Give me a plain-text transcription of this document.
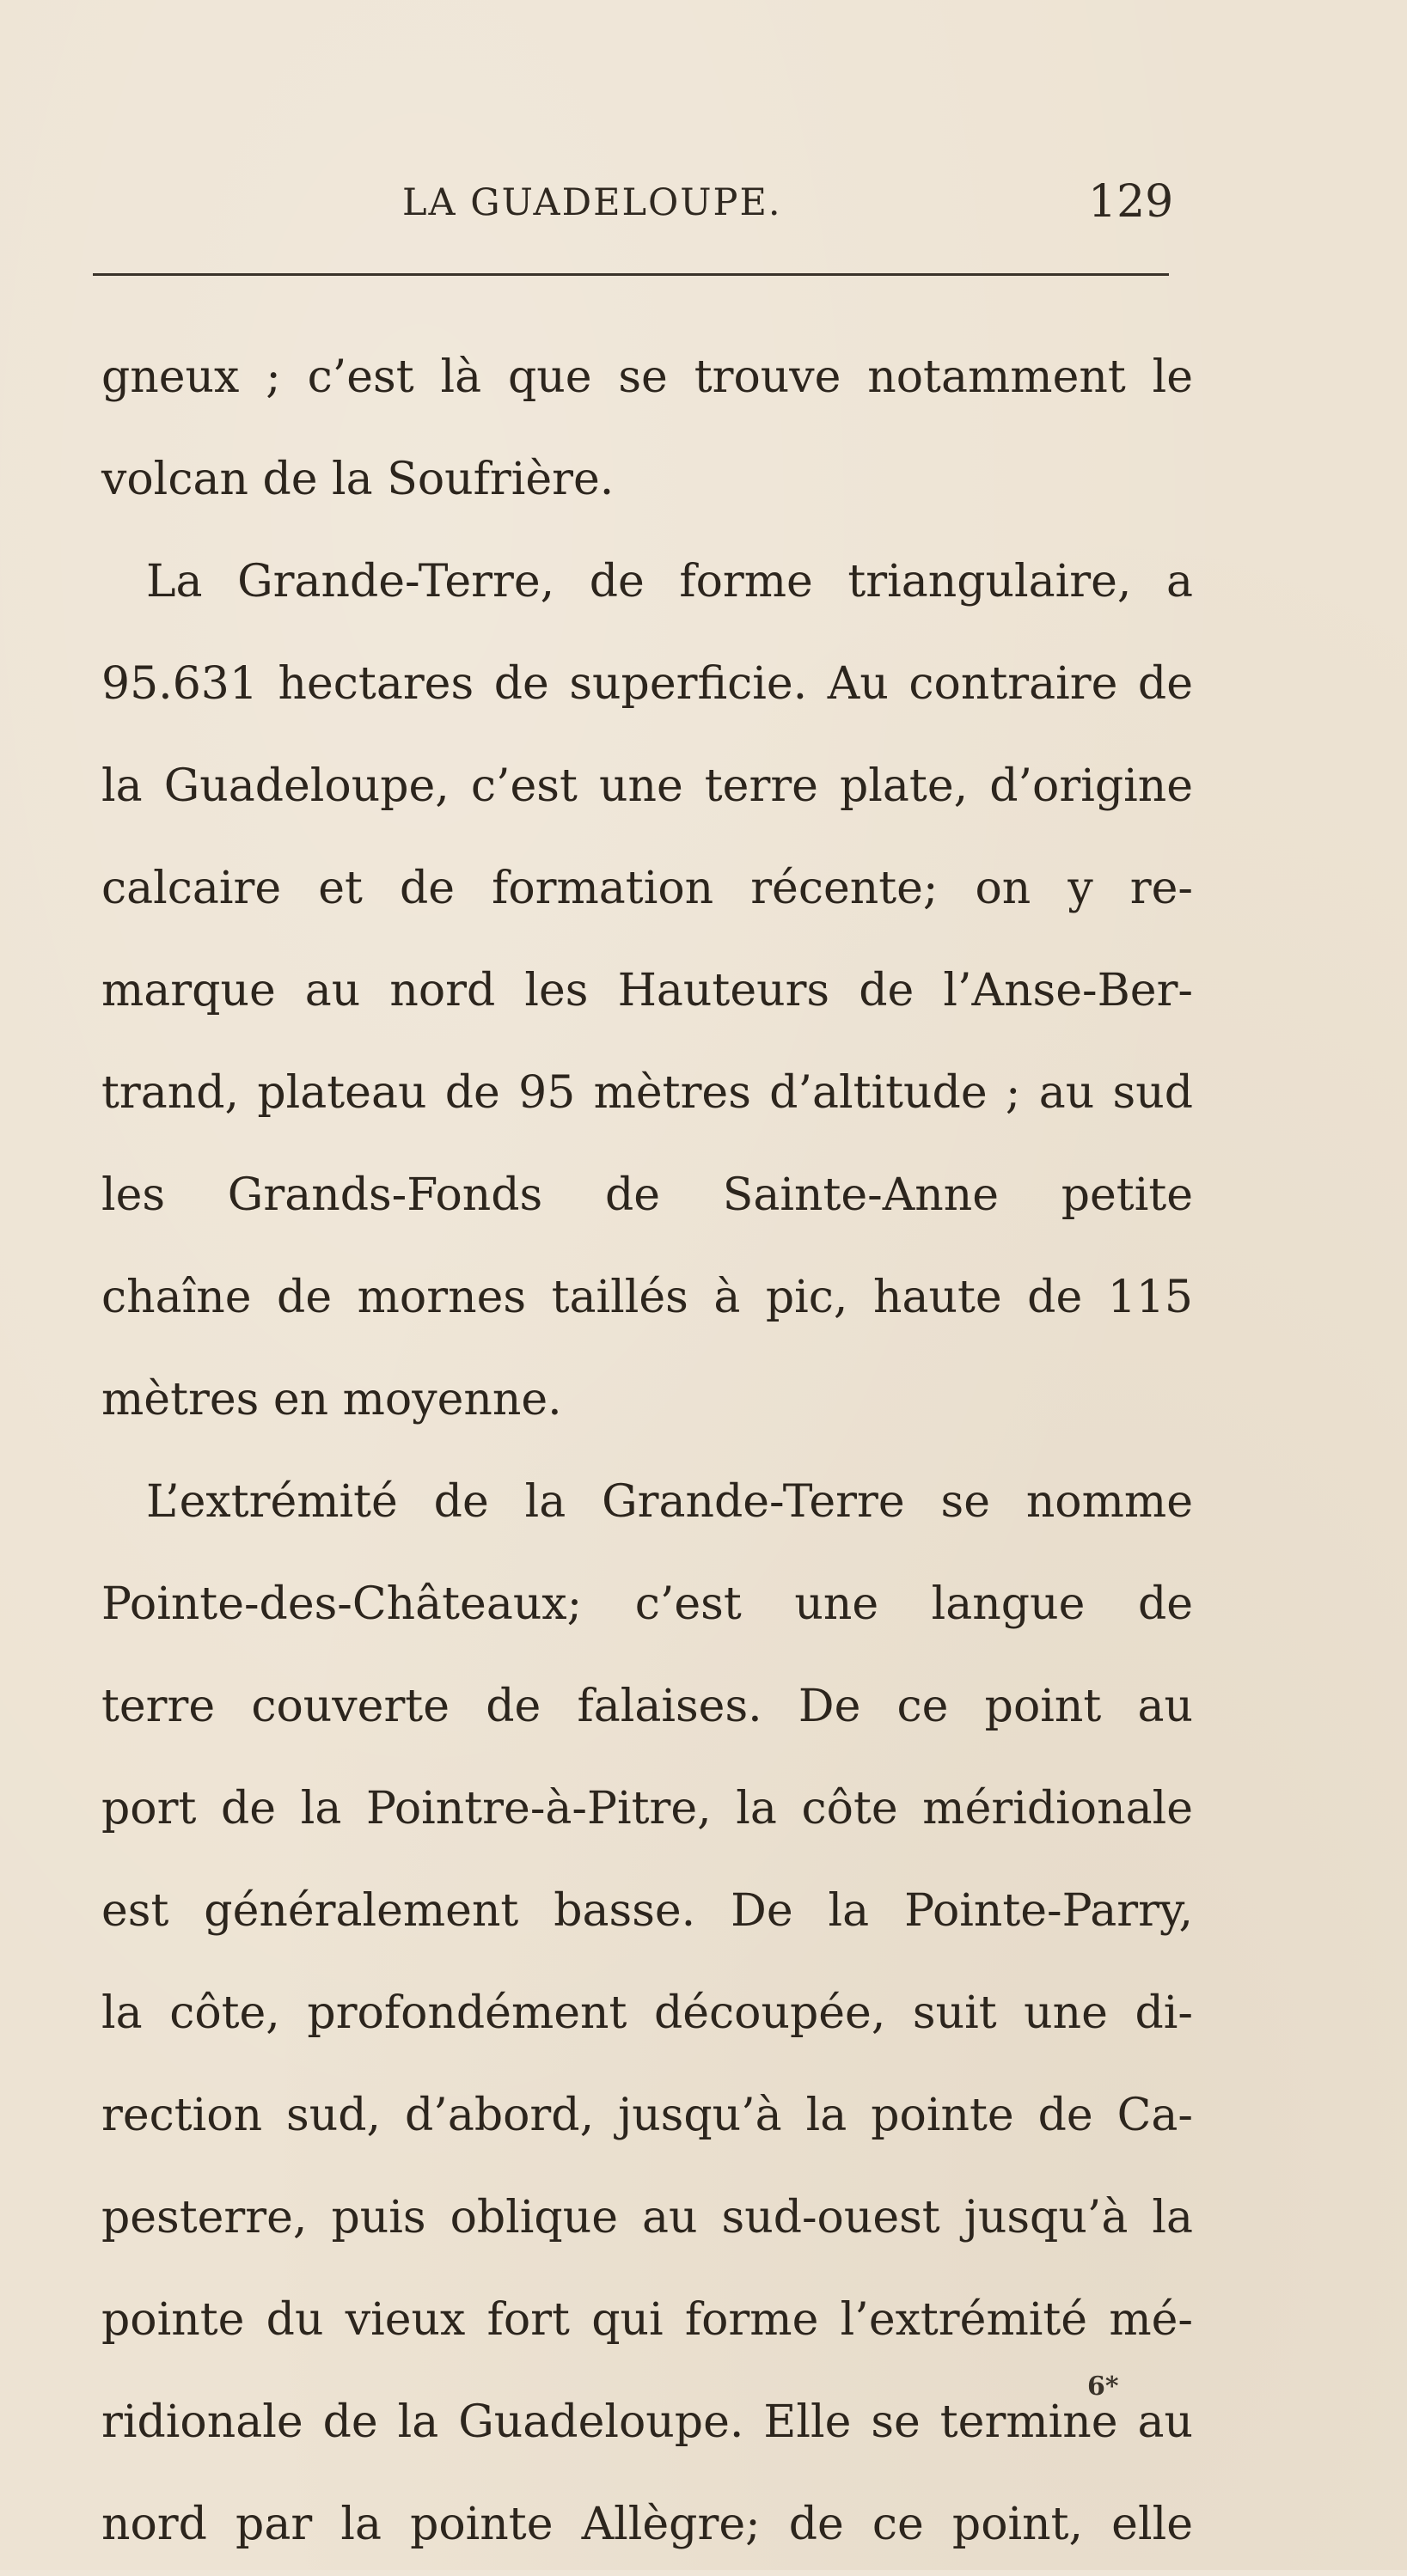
LA GUADELOUPE.	129
gneux ; c’est là que se trouve notamment le
volcan de la Soufrière.
La Grande-Terre, de forme triangulaire, a
95.631 hectares de superficie. Au contraire de
la Guadeloupe, c’est une terre plate, d’origine
calcaire et de formation récente; on y re-
marque au nord les Hauteurs de l’Anse-Ber-
trand, plateau de 95 mètres d’altitude ; au sud
les Grands-Fonds de Sainte-Anne petite
chaîne de mornes taillés à pic, haute de 115
mètres en moyenne.
L’extrémité de la Grande-Terre se nomme
Pointe-des-Châteaux; c’est une langue de
terre couverte de falaises. De ce point au
port de la Pointre-à-Pitre, la côte méridionale
est généralement basse. De la Pointe-Parry,
la côte, profondément découpée, suit une di-
rection sud, d’abord, jusqu’à la pointe de Ca-
pesterre, puis oblique au sud-ouest jusqu’à la
pointe du vieux fort qui forme l’extrémité mé-
ridionale de la Guadeloupe. Elle se termine au
nord par la pointe Allègre; de ce point, elle
6*
